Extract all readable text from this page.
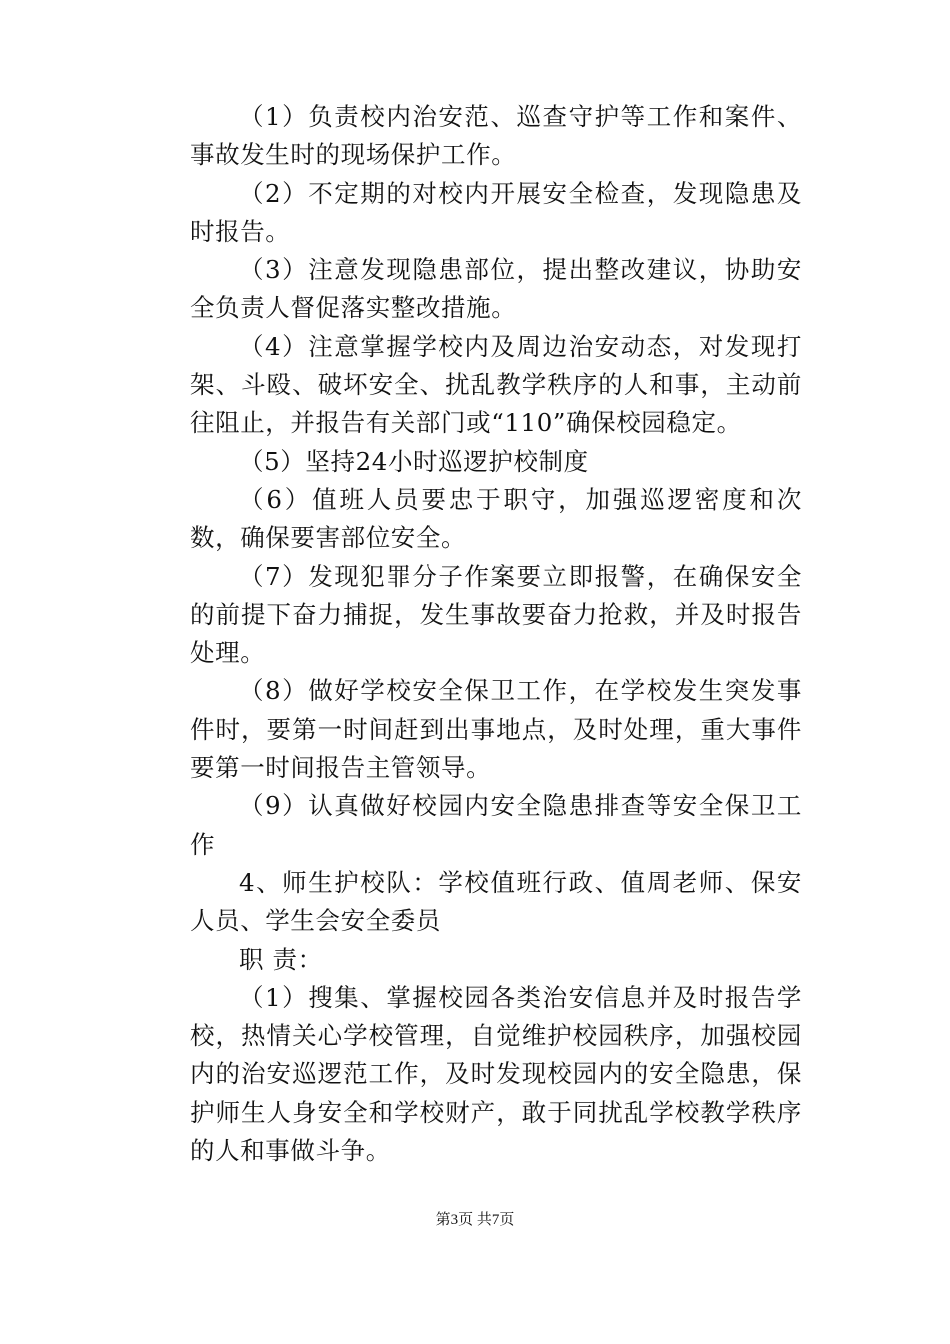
（1）负责校内治安范、巡查守护等工作和案件、事故发生时的现场保护工作。

（2）不定期的对校内开展安全检查，发现隐患及时报告。

（3）注意发现隐患部位，提出整改建议，协助安全负责人督促落实整改措施。

（4）注意掌握学校内及周边治安动态，对发现打架、斗殴、破坏安全、扰乱教学秩序的人和事，主动前往阻止，并报告有关部门或“110”确保校园稳定。

（5）坚持24小时巡逻护校制度

（6）值班人员要忠于职守，加强巡逻密度和次数，确保要害部位安全。

（7）发现犯罪分子作案要立即报警，在确保安全的前提下奋力捕捉，发生事故要奋力抢救，并及时报告处理。

（8）做好学校安全保卫工作，在学校发生突发事件时，要第一时间赶到出事地点，及时处理，重大事件要第一时间报告主管领导。

（9）认真做好校园内安全隐患排查等安全保卫工作

4、师生护校队：学校值班行政、值周老师、保安人员、学生会安全委员

职 责：

（1）搜集、掌握校园各类治安信息并及时报告学校，热情关心学校管理，自觉维护校园秩序，加强校园内的治安巡逻范工作，及时发现校园内的安全隐患，保护师生人身安全和学校财产，敢于同扰乱学校教学秩序的人和事做斗争。

第3页 共7页
